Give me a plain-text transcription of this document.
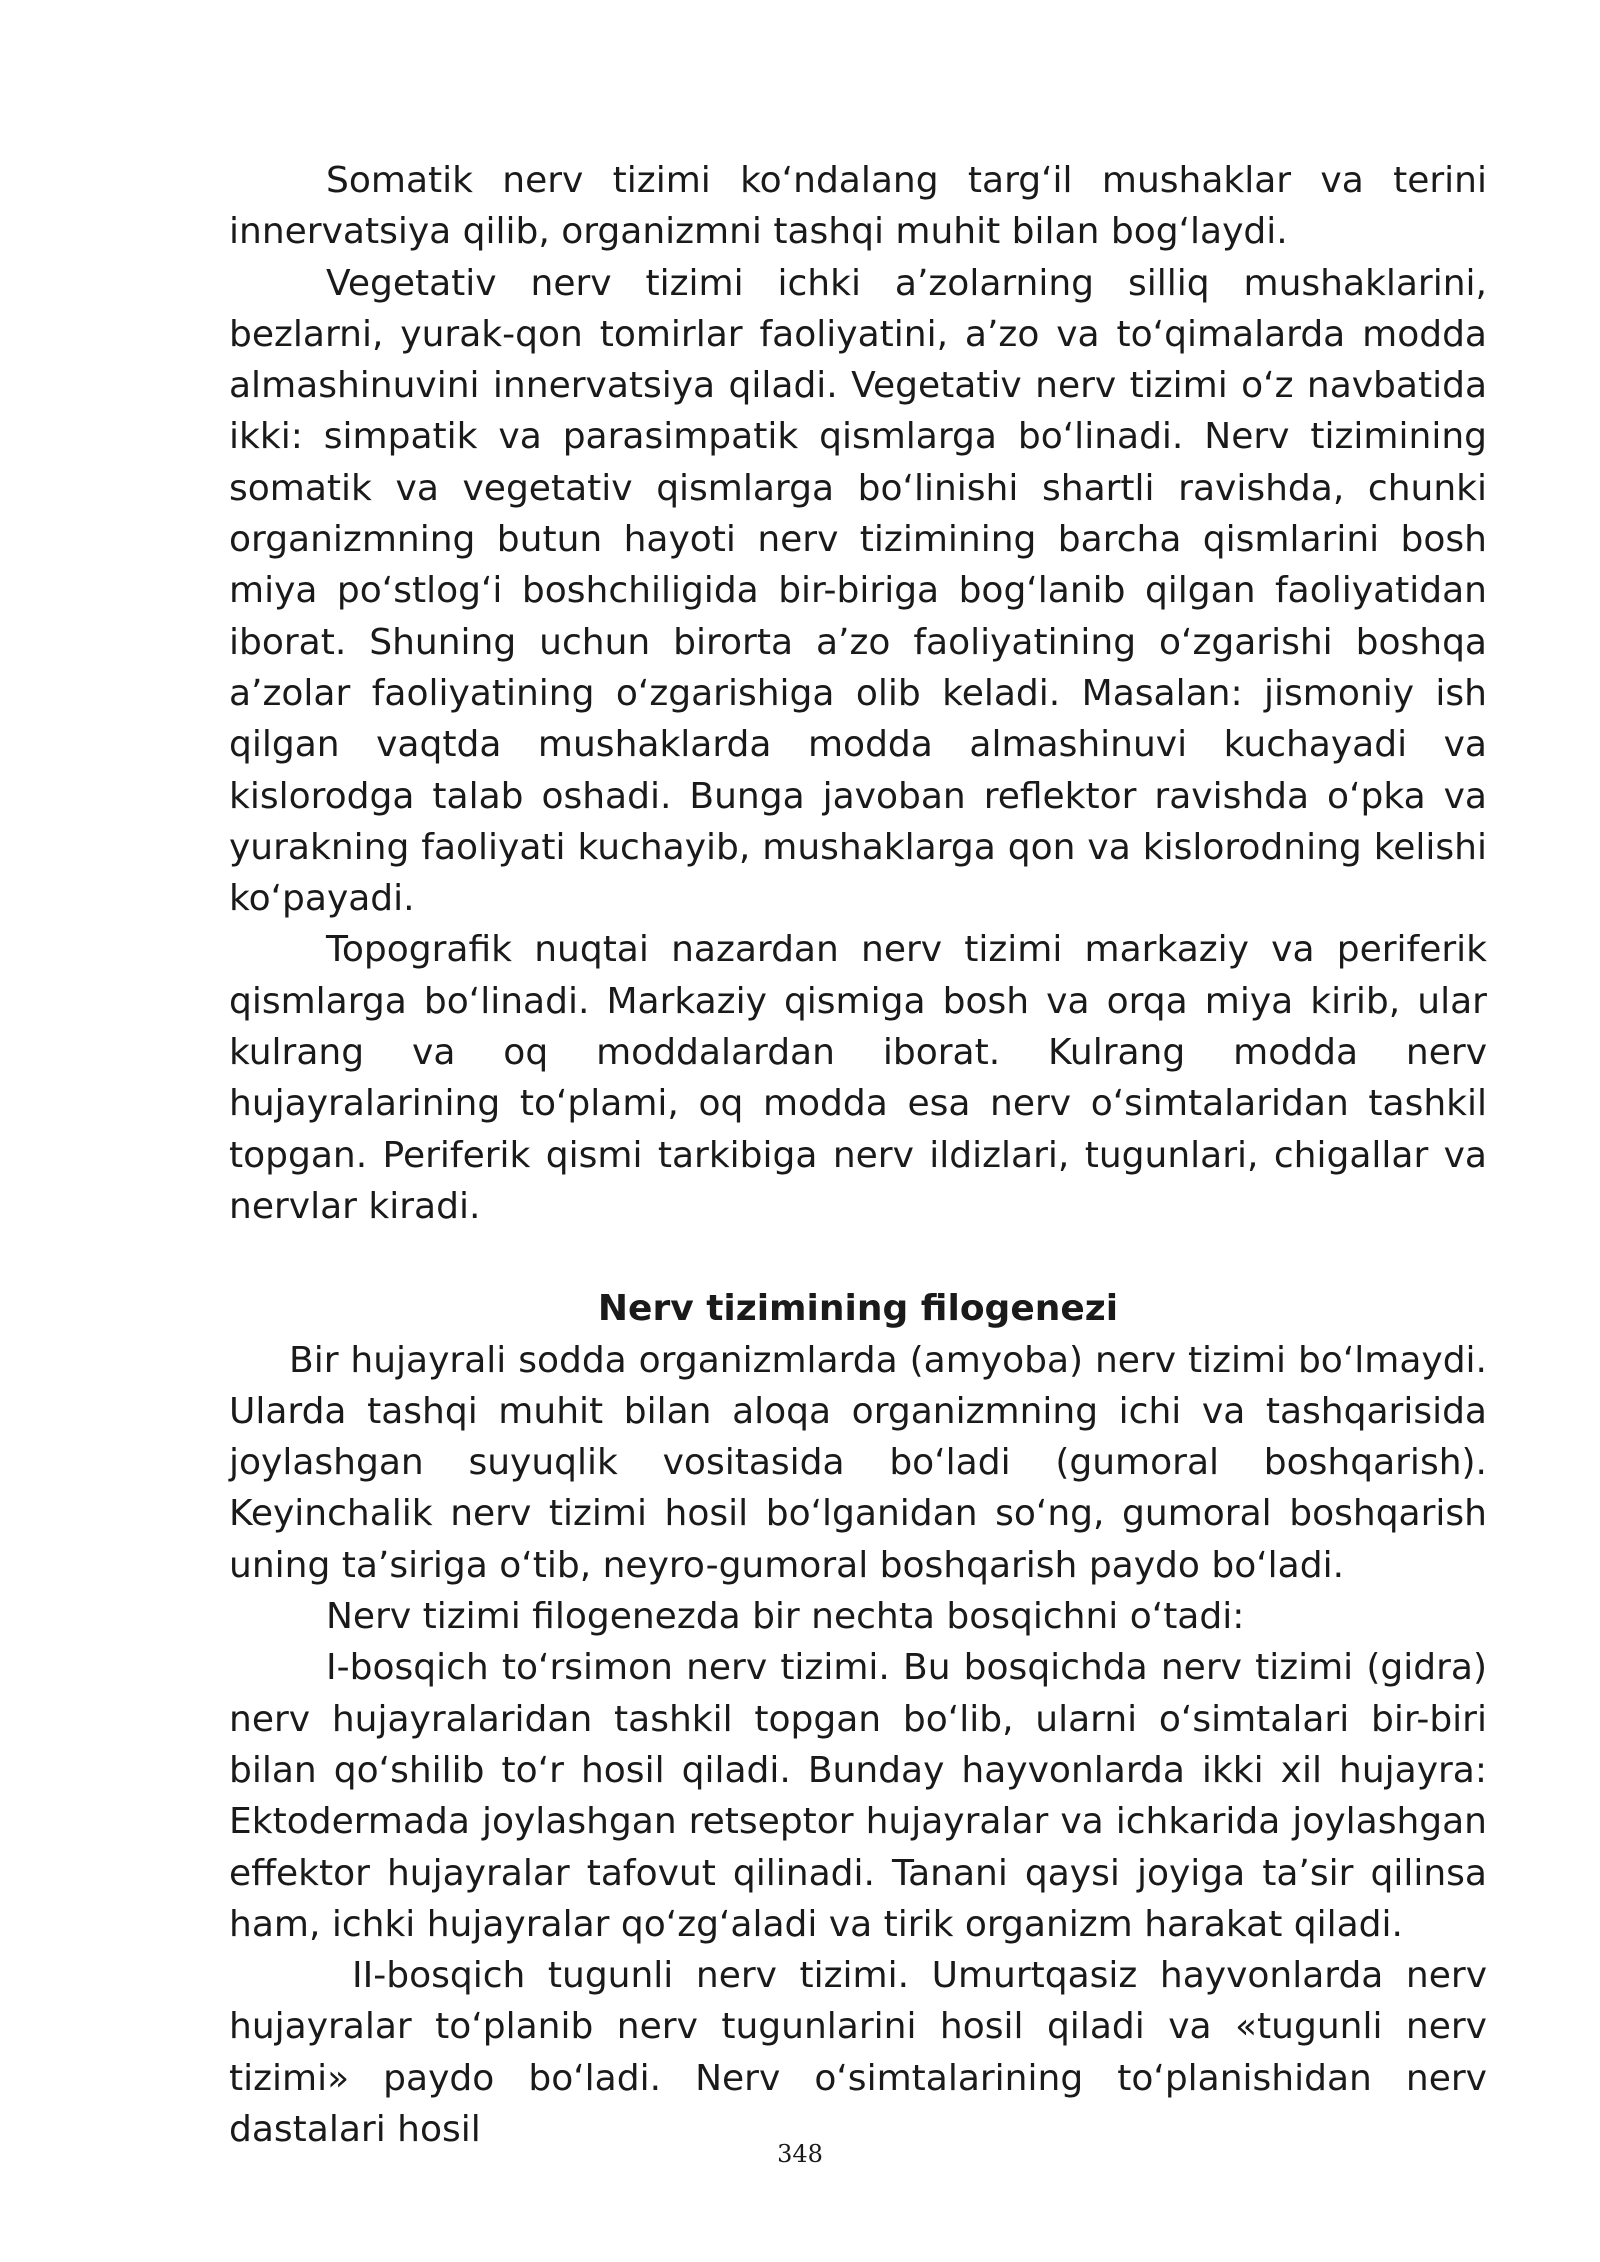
Somatik nerv tizimi ko‘ndalang targ‘il mushaklar va terini innervatsiya qilib, organizmni tashqi muhit bilan bog‘laydi.

Vegetativ nerv tizimi ichki a’zolarning silliq mushaklarini, bezlarni, yurak-qon tomirlar faoliyatini, a’zo va to‘qimalarda modda almashinuvini innervatsiya qiladi. Vegetativ nerv tizimi o‘z navbatida ikki: simpatik va parasimpatik qismlarga bo‘linadi. Nerv tizimining somatik va vegetativ qismlarga bo‘linishi shartli ravishda, chunki organizmning butun hayoti nerv tizimining barcha qismlarini bosh miya po‘stlog‘i boshchiligida bir-biriga bog‘lanib qilgan faoliyatidan iborat. Shuning uchun birorta a’zo faoliyatining o‘zgarishi boshqa a’zolar faoliyatining o‘zgarishiga olib keladi. Masalan: jismoniy ish qilgan vaqtda mushaklarda modda almashinuvi kuchayadi va kislorodga talab oshadi. Bunga javoban reflektor ravishda o‘pka va yurakning faoliyati kuchayib, mushaklarga qon va kislorodning kelishi ko‘payadi.

Topografik nuqtai nazardan nerv tizimi markaziy va periferik qismlarga bo‘linadi. Markaziy qismiga bosh va orqa miya kirib, ular kulrang va oq moddalardan iborat. Kulrang modda nerv hujayralarining to‘plami, oq modda esa nerv o‘simtalaridan tashkil topgan. Periferik qismi tarkibiga nerv ildizlari, tugunlari, chigallar va nervlar kiradi.

Nerv tizimining filogenezi

Bir hujayrali sodda organizmlarda (amyoba) nerv tizimi bo‘lmaydi. Ularda tashqi muhit bilan aloqa organizmning ichi va tashqarisida joylashgan suyuqlik vositasida bo‘ladi (gumoral boshqarish). Keyinchalik nerv tizimi hosil bo‘lganidan so‘ng, gumoral boshqarish uning ta’siriga o‘tib, neyro-gumoral boshqarish paydo bo‘ladi.

Nerv tizimi filogenezda bir nechta bosqichni o‘tadi:

I-bosqich to‘rsimon nerv tizimi. Bu bosqichda nerv tizimi (gidra) nerv hujayralaridan tashkil topgan bo‘lib, ularni o‘simtalari bir-biri bilan qo‘shilib to‘r hosil qiladi. Bunday hayvonlarda ikki xil hujayra: Ektodermada joylashgan retseptor hujayralar va ichkarida joylashgan effektor hujayralar tafovut qilinadi. Tanani qaysi joyiga ta’sir qilinsa ham, ichki hujayralar qo‘zg‘aladi va tirik organizm harakat qiladi.

II-bosqich tugunli nerv tizimi. Umurtqasiz hayvonlarda nerv hujayralar to‘planib nerv tugunlarini hosil qiladi va «tugunli nerv tizimi» paydo bo‘ladi. Nerv o‘simtalarining to‘planishidan nerv dastalari hosil

348
